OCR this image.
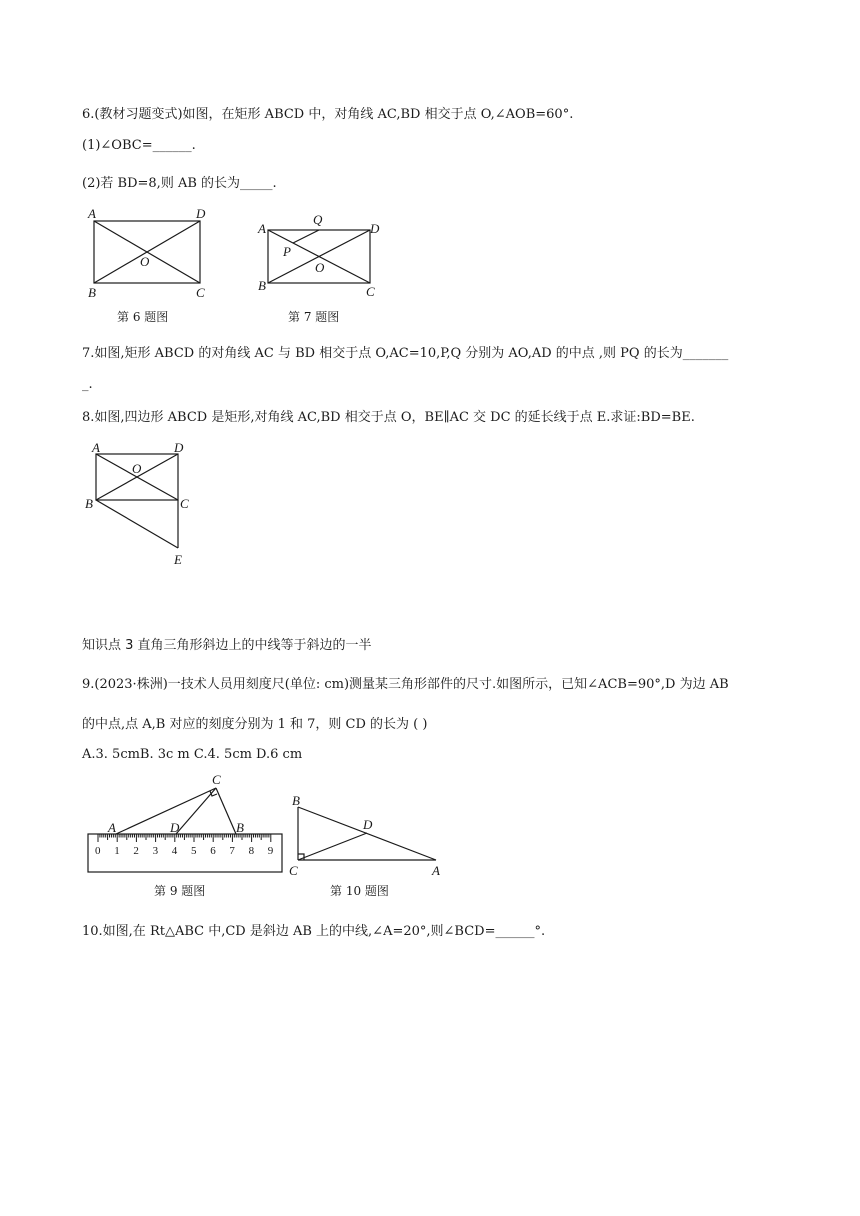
6.(教材习题变式)如图，在矩形 ABCD 中，对角线 AC,BD 相交于点 O,∠AOB=60°.
(1)∠OBC=______.
(2)若 BD=8,则 AB 的长为_____.
A	D
O
B	C
第 6 题图
A
Q
D
P
O
B	C
第 7 题图
7.如图,矩形 ABCD 的对角线 AC 与 BD 相交于点 O,AC=10,P,Q 分别为 AO,AD 的中点 ,则 PQ 的长为_______
_.
8.如图,四边形 ABCD 是矩形,对角线 AC,BD 相交于点 O，BE∥AC 交 DC 的延长线于点 E.求证:BD=BE.
A	D
O
B	C
E
知识点 3 直角三角形斜边上的中线等于斜边的一半
9.(2023·株洲)一技术人员用刻度尺(单位: cm)测量某三角形部件的尺寸.如图所示，已知∠ACB=90°,D 为边 AB
的中点,点 A,B 对应的刻度分别为 1 和 7，则 CD 的长为 ( )
A.3. 5cmB. 3c m C.4. 5cm D.6 cm
C
A	D	B
0 1 2 3 4 5 6 7 8 9
第 9 题图
B
D
C	A
第 10 题图
10.如图,在 Rt△ABC 中,CD 是斜边 AB 上的中线,∠A=20°,则∠BCD=______°.
